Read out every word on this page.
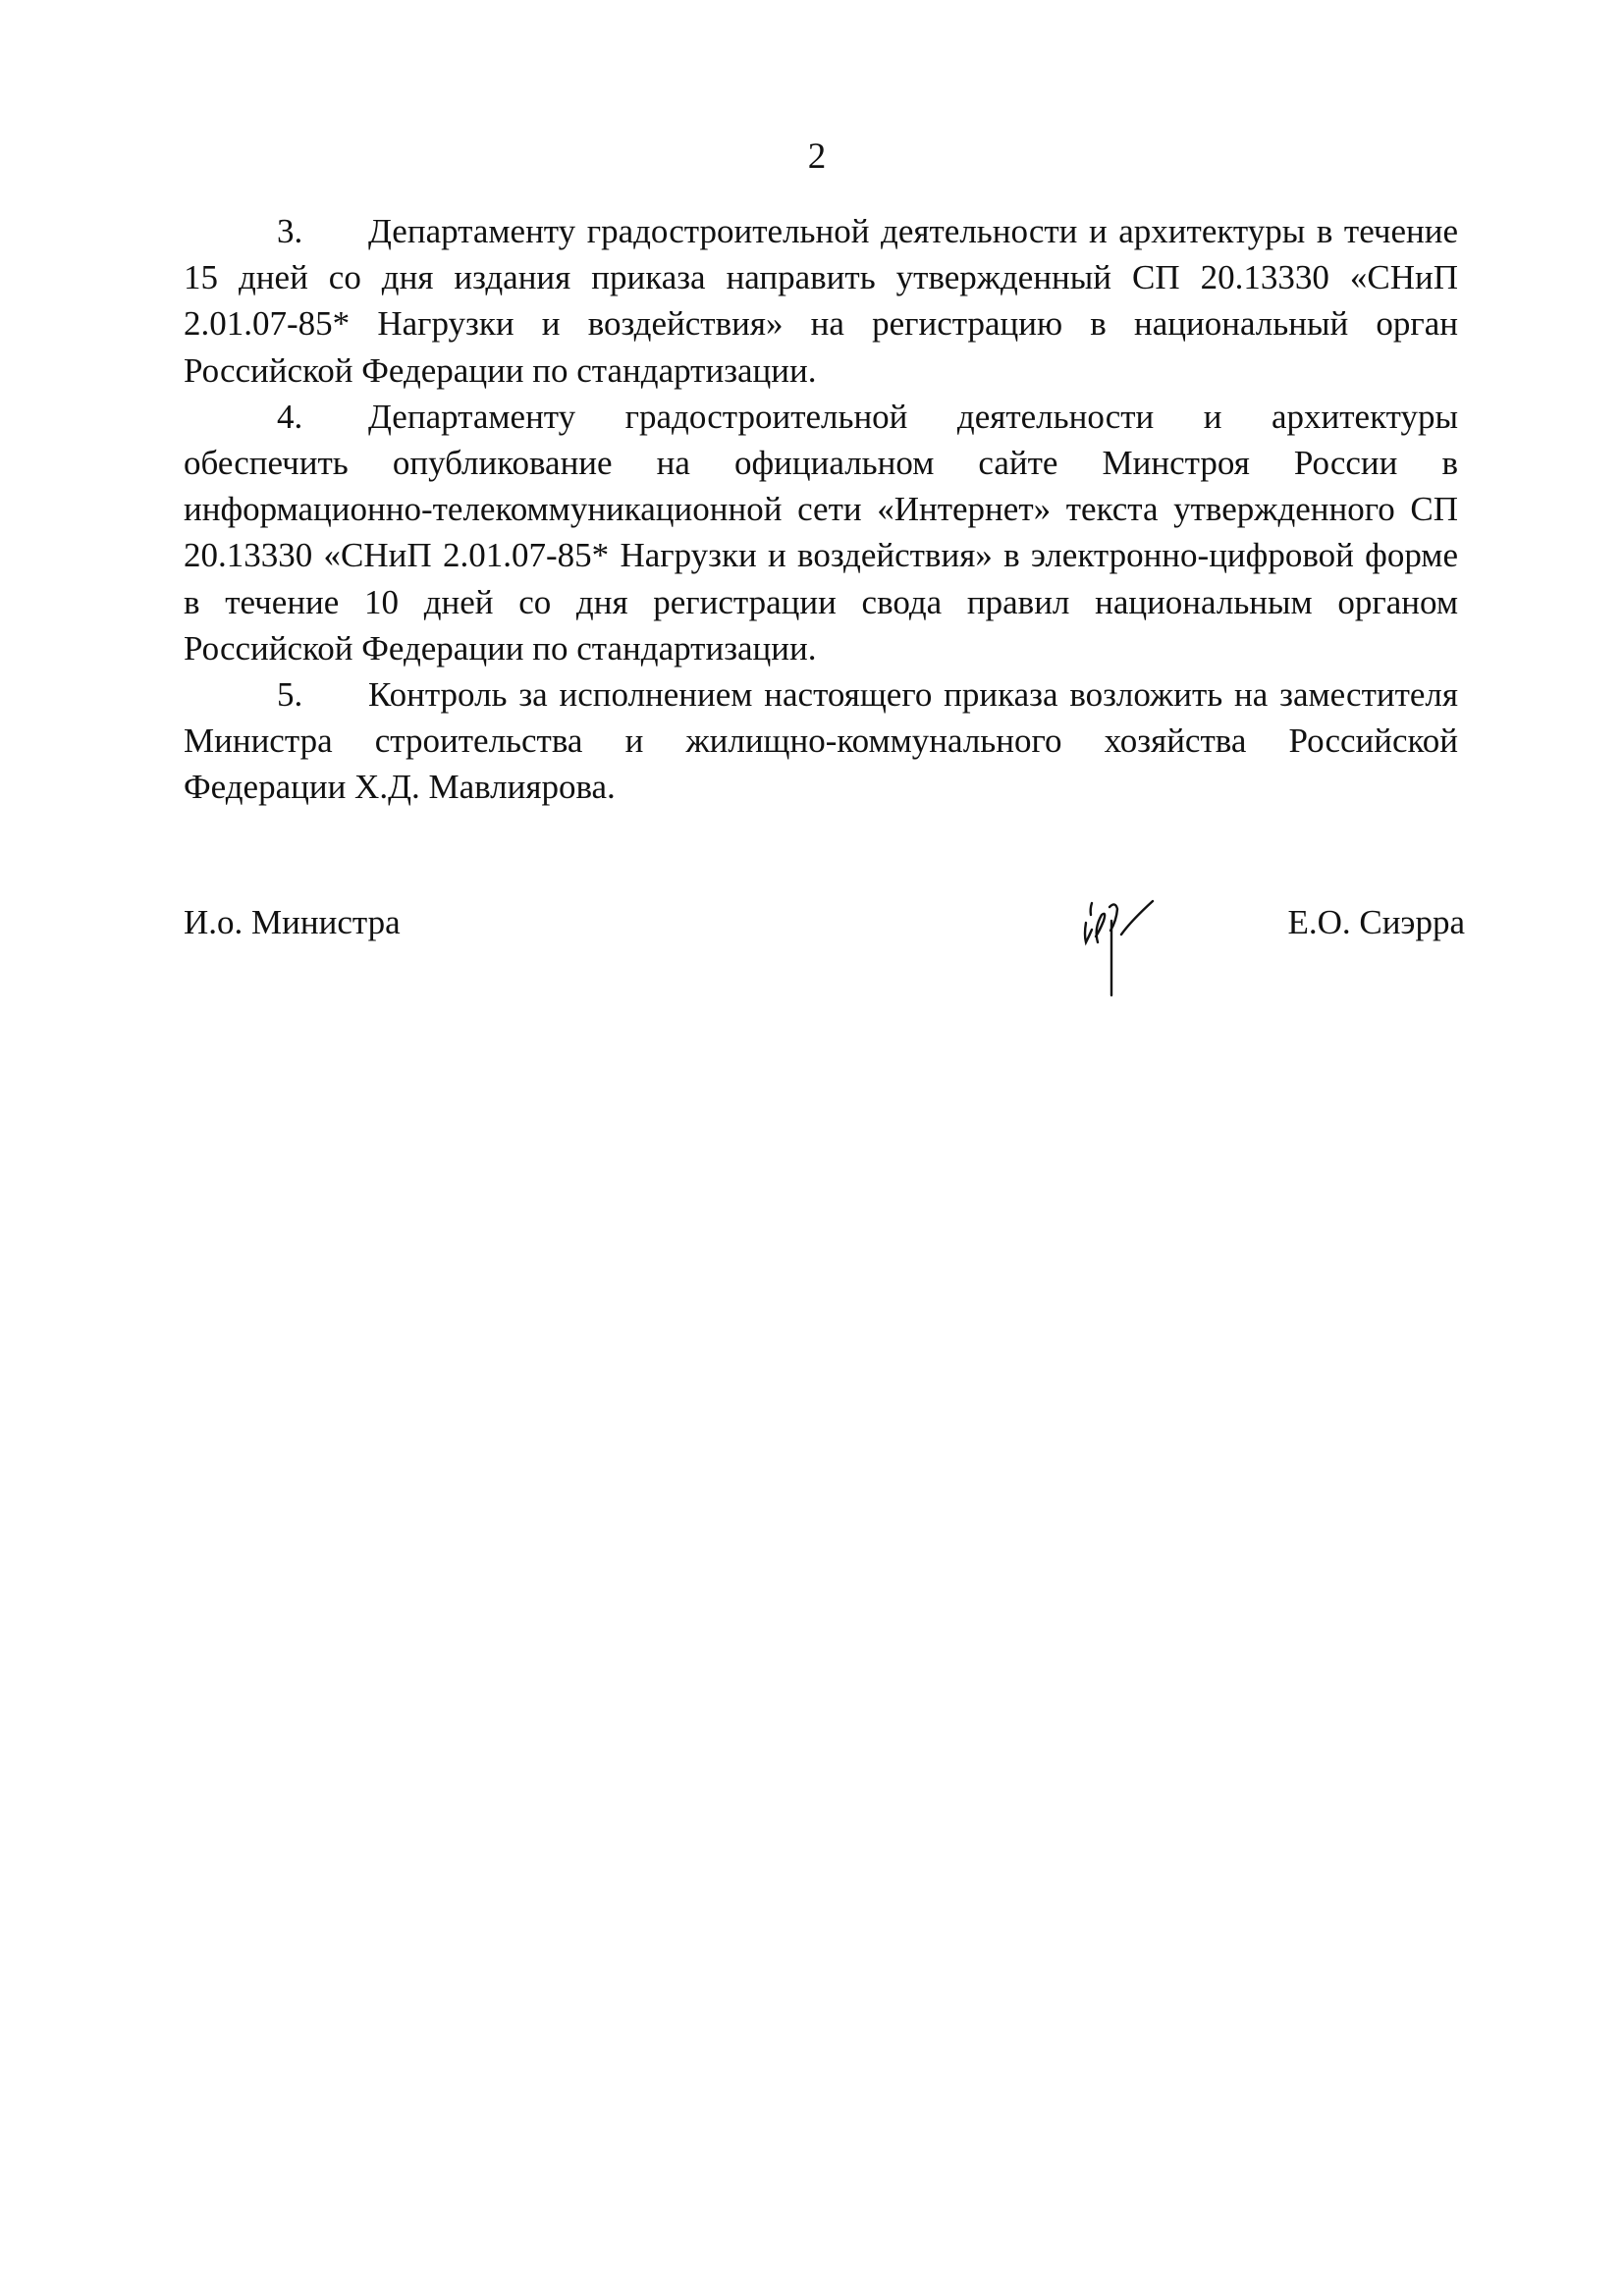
2

3. Департаменту градостроительной деятельности и архитектуры в течение 15 дней со дня издания приказа направить утвержденный СП 20.13330 «СНиП 2.01.07-85* Нагрузки и воздействия» на регистрацию в национальный орган Российской Федерации по стандартизации.

4. Департаменту градостроительной деятельности и архитектуры обеспечить опубликование на официальном сайте Минстроя России в информационно-телекоммуникационной сети «Интернет» текста утвержденного СП 20.13330 «СНиП 2.01.07-85* Нагрузки и воздействия» в электронно-цифровой форме в течение 10 дней со дня регистрации свода правил национальным органом Российской Федерации по стандартизации.

5. Контроль за исполнением настоящего приказа возложить на заместителя Министра строительства и жилищно-коммунального хозяйства Российской Федерации Х.Д. Мавлиярова.

И.о. Министра	Е.О. Сиэрра
